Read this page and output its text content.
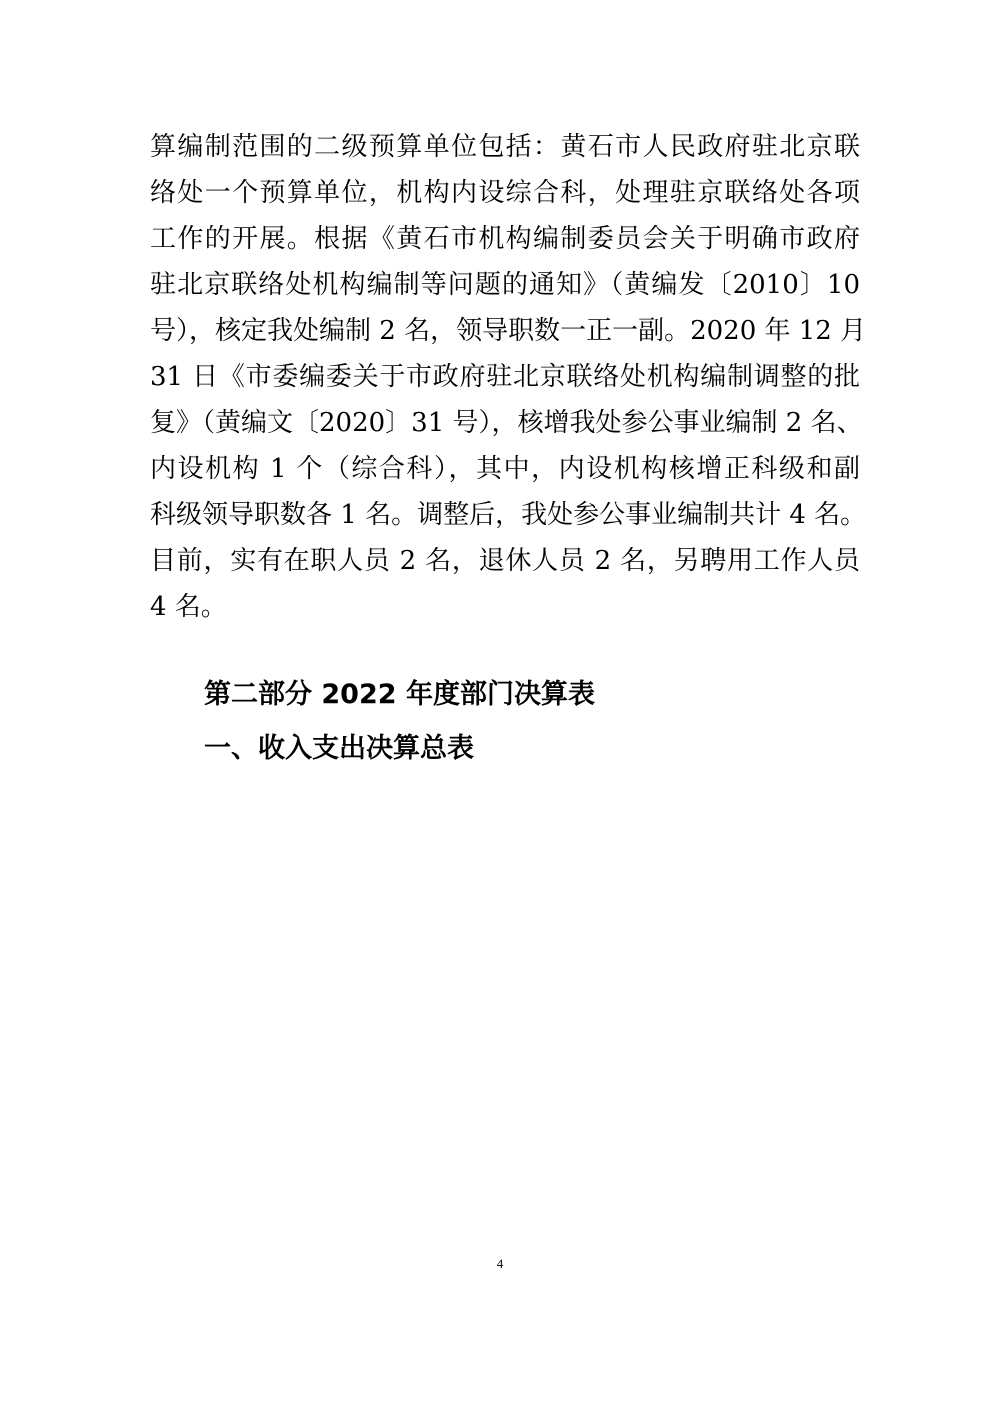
算编制范围的二级预算单位包括：黄石市人民政府驻北京联
络处一个预算单位，机构内设综合科，处理驻京联络处各项
工作的开展。根据《黄石市机构编制委员会关于明确市政府
驻北京联络处机构编制等问题的通知》（黄编发〔2010〕10
号），核定我处编制 2 名，领导职数一正一副。2020 年 12 月
31 日《市委编委关于市政府驻北京联络处机构编制调整的批
复》（黄编文〔2020〕31 号），核增我处参公事业编制 2 名、
内设机构 1 个（综合科），其中，内设机构核增正科级和副
科级领导职数各 1 名。调整后，我处参公事业编制共计 4 名。
目前，实有在职人员 2 名，退休人员 2 名，另聘用工作人员
4 名。
第二部分 2022 年度部门决算表
一、收入支出决算总表
4
